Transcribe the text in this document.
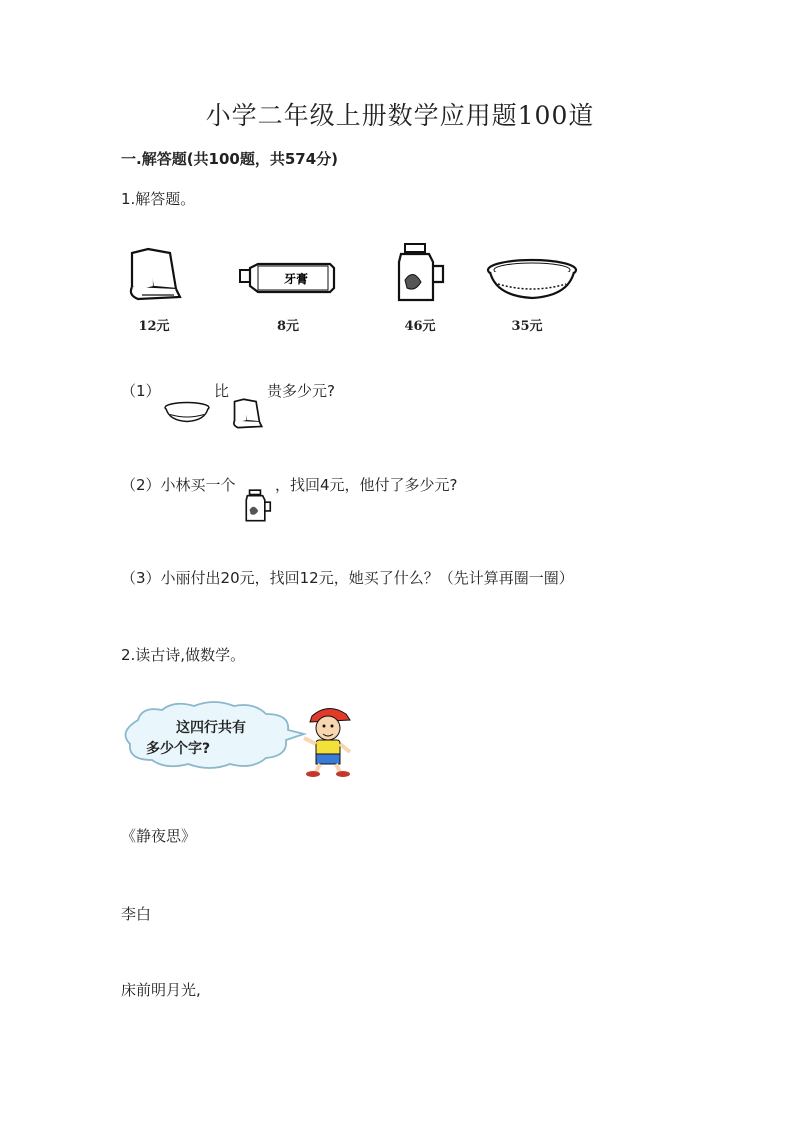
小学二年级上册数学应用题100道
一.解答题(共100题，共574分)
1.解答题。
12元
牙膏
8元	46元	35元
（1）	比	贵多少元?
（2）小林买一个	，找回4元，他付了多少元?
（3）小丽付出20元，找回12元，她买了什么？（先计算再圈一圈）
2.读古诗,做数学。
这四行共有
多少个字?
《静夜思》
李白
床前明月光,
